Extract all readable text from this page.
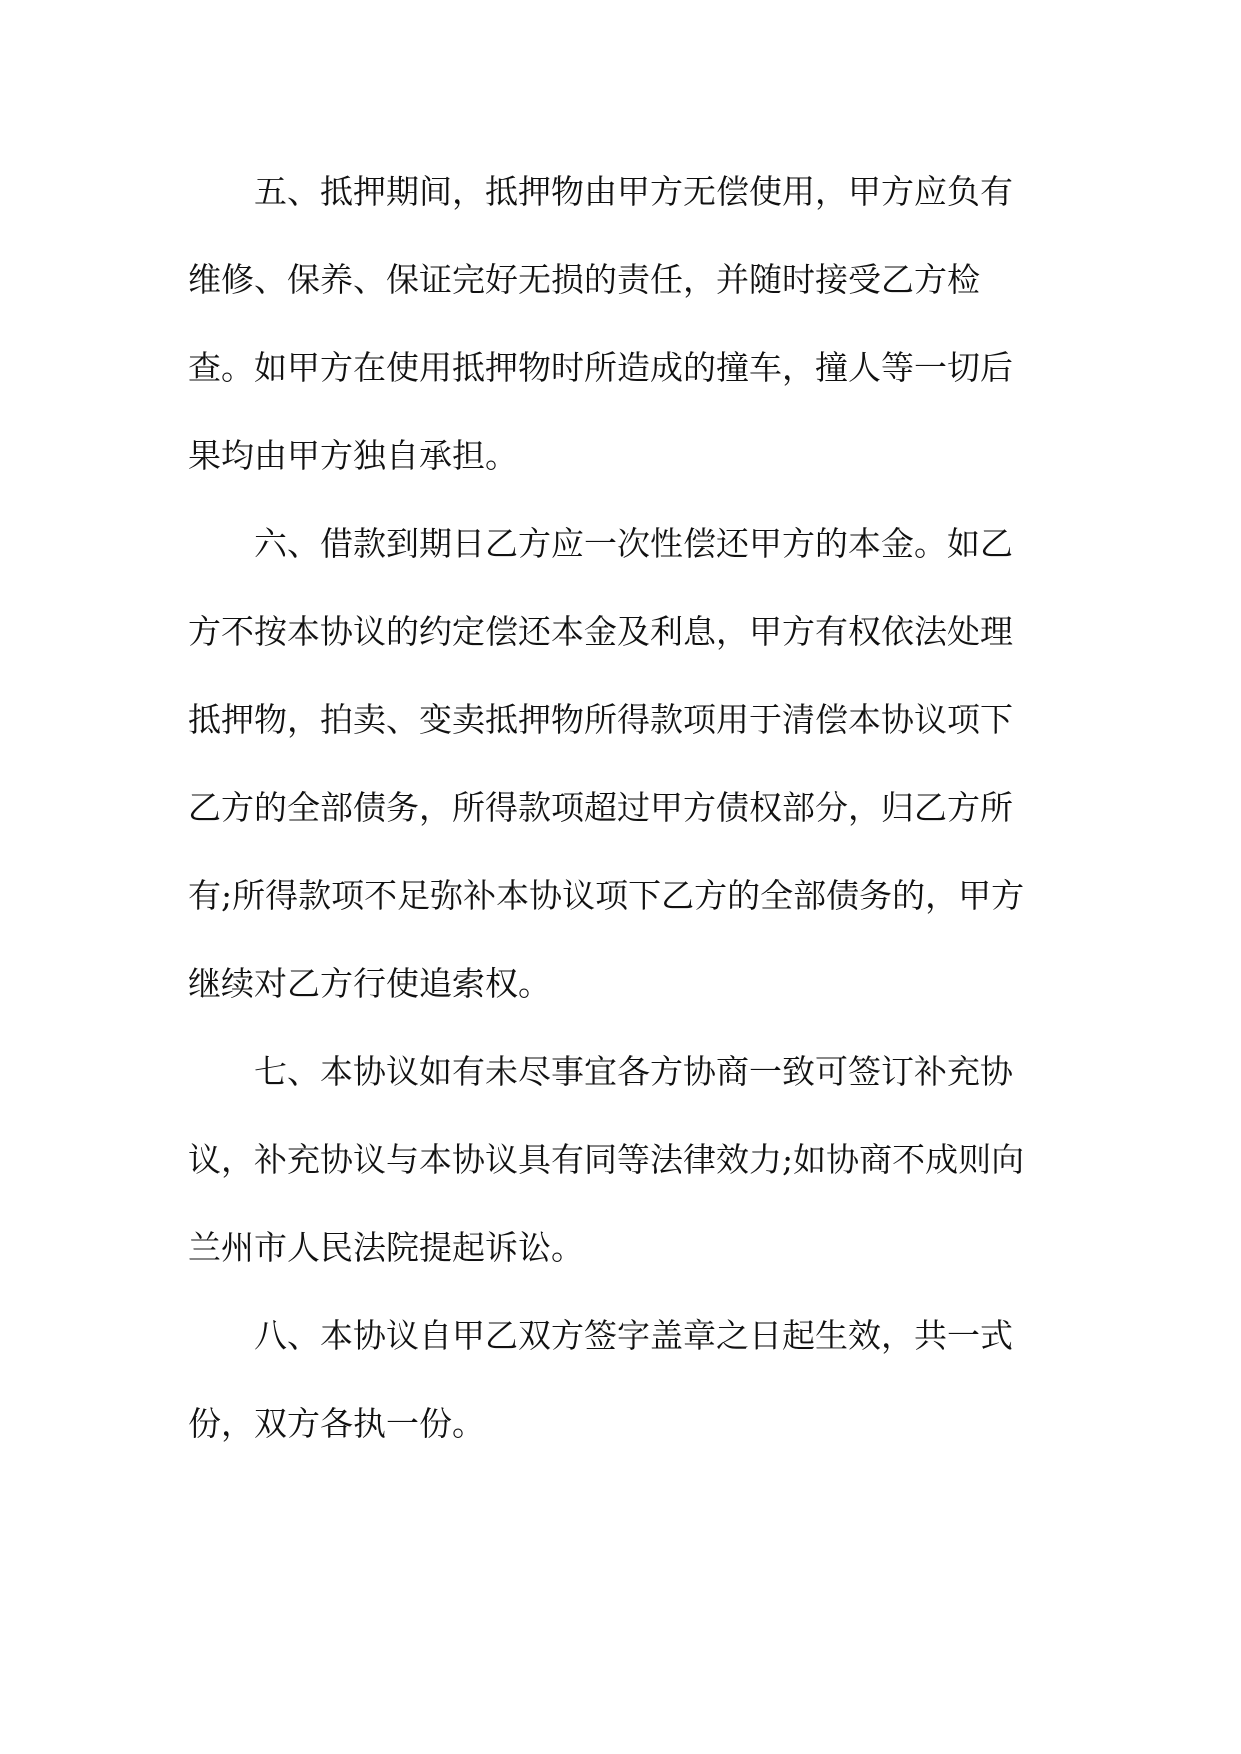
五、抵押期间，抵押物由甲方无偿使用，甲方应负有
维修、保养、保证完好无损的责任，并随时接受乙方检
查。如甲方在使用抵押物时所造成的撞车，撞人等一切后
果均由甲方独自承担。
六、借款到期日乙方应一次性偿还甲方的本金。如乙
方不按本协议的约定偿还本金及利息，甲方有权依法处理
抵押物，拍卖、变卖抵押物所得款项用于清偿本协议项下
乙方的全部债务，所得款项超过甲方债权部分，归乙方所
有;所得款项不足弥补本协议项下乙方的全部债务的，甲方
继续对乙方行使追索权。
七、本协议如有未尽事宜各方协商一致可签订补充协
议，补充协议与本协议具有同等法律效力;如协商不成则向
兰州市人民法院提起诉讼。
八、本协议自甲乙双方签字盖章之日起生效，共一式
份，双方各执一份。
